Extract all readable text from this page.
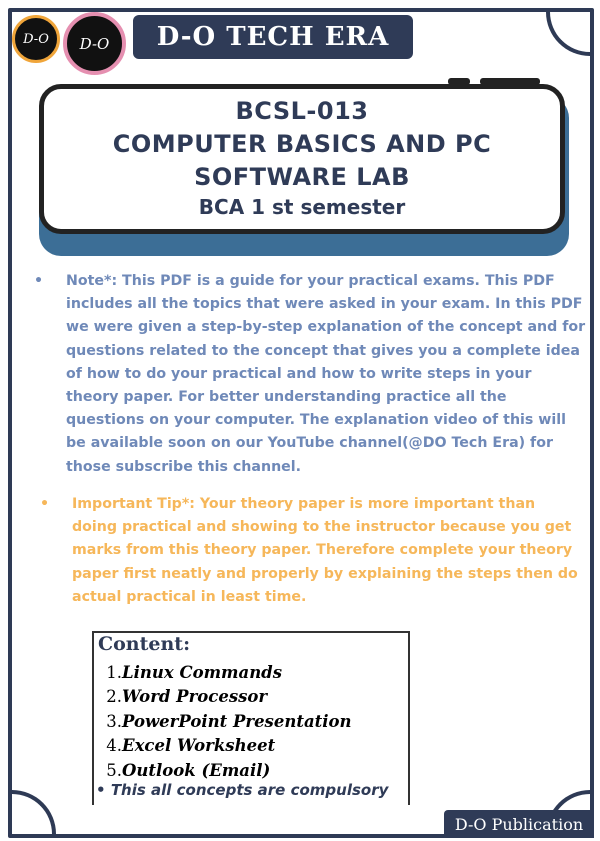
D-O D-O D-O TECH ERA
BCSL-013
COMPUTER BASICS AND PC
SOFTWARE LAB
BCA 1 st semester
• Note*: This PDF is a guide for your practical exams. This PDF includes all the topics that were asked in your exam. In this PDF we were given a step-by-step explanation of the concept and for questions related to the concept that gives you a complete idea of how to do your practical and how to write steps in your theory paper. For better understanding practice all the questions on your computer. The explanation video of this will be available soon on our YouTube channel(@DO Tech Era) for those subscribe this channel.
• Important Tip*: Your theory paper is more important than doing practical and showing to the instructor because you get marks from this theory paper. Therefore complete your theory paper first neatly and properly by explaining the steps then do actual practical in least time.
Content:
1.Linux Commands
2.Word Processor
3.PowerPoint Presentation
4.Excel Worksheet
5.Outlook (Email)
• This all concepts are compulsory
D-O Publication
